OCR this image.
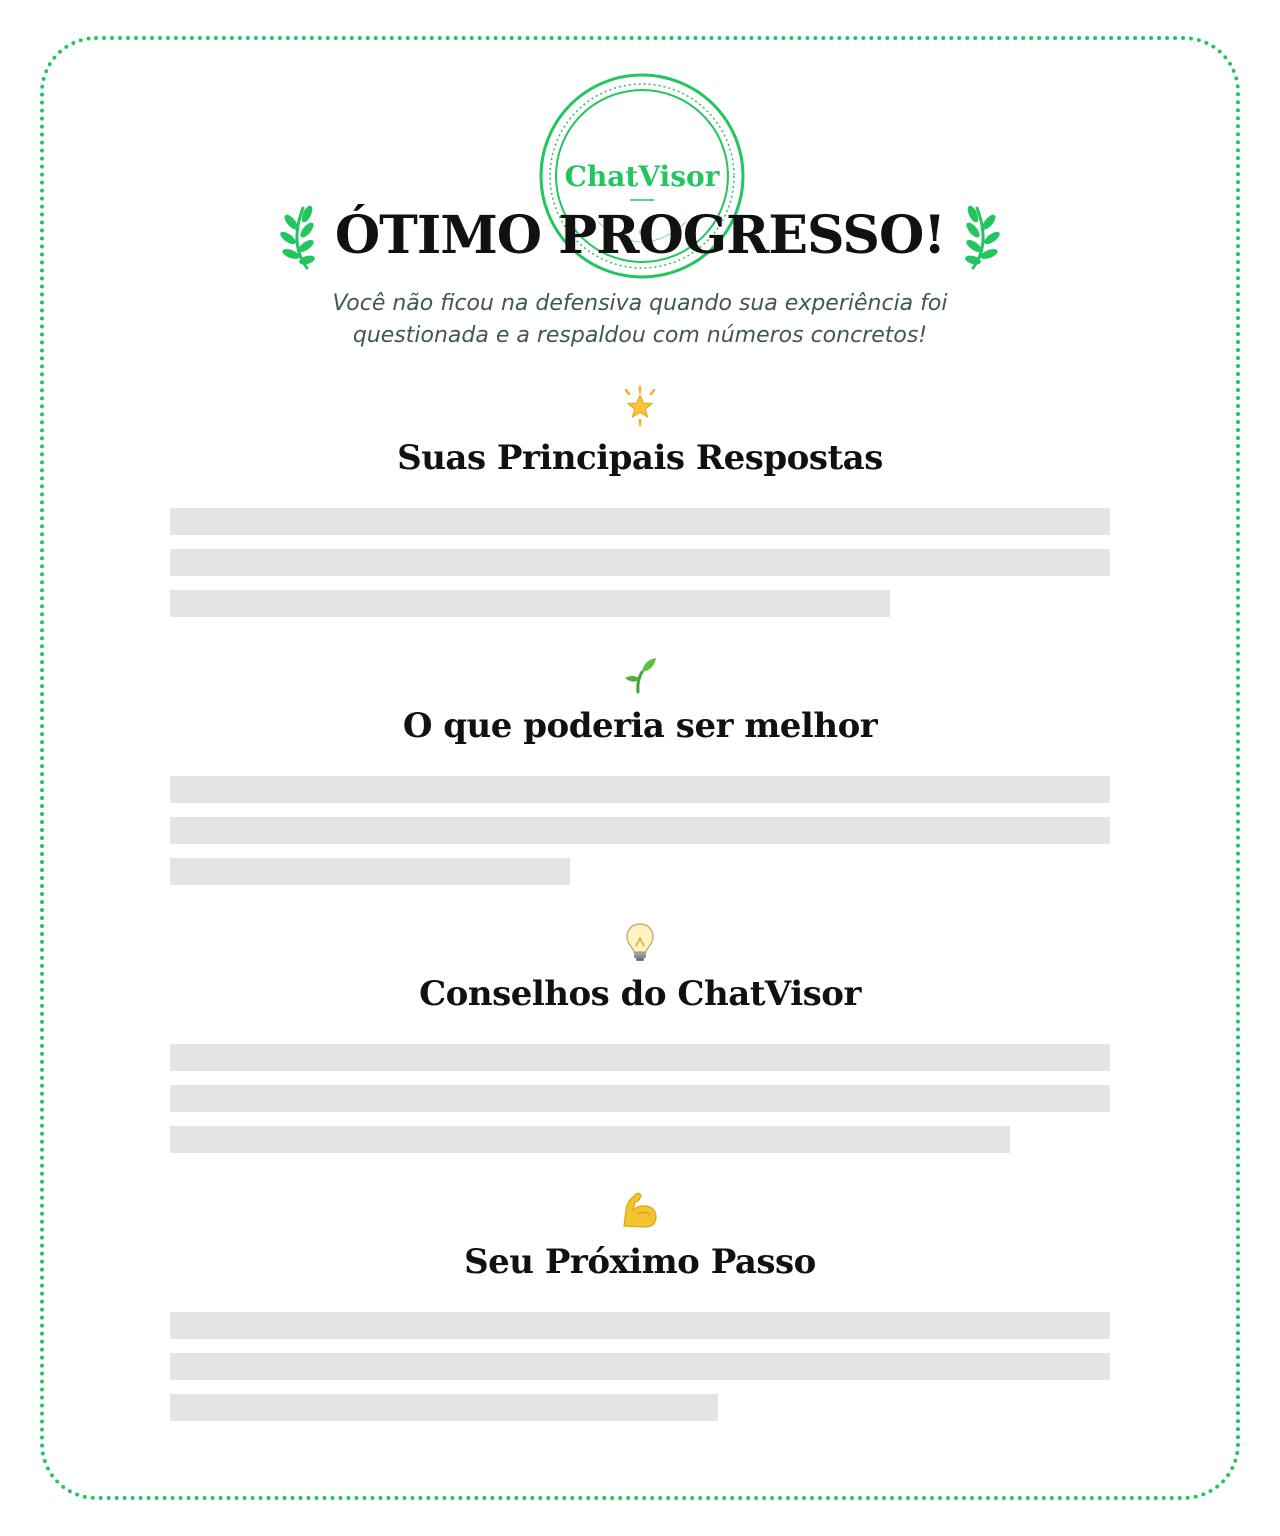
ChatVisor
ÓTIMO PROGRESSO!

Você não ficou na defensiva quando sua experiência foi questionada e a respaldou com números concretos!

Suas Principais Respostas
O que poderia ser melhor
Conselhos do ChatVisor
Seu Próximo Passo
